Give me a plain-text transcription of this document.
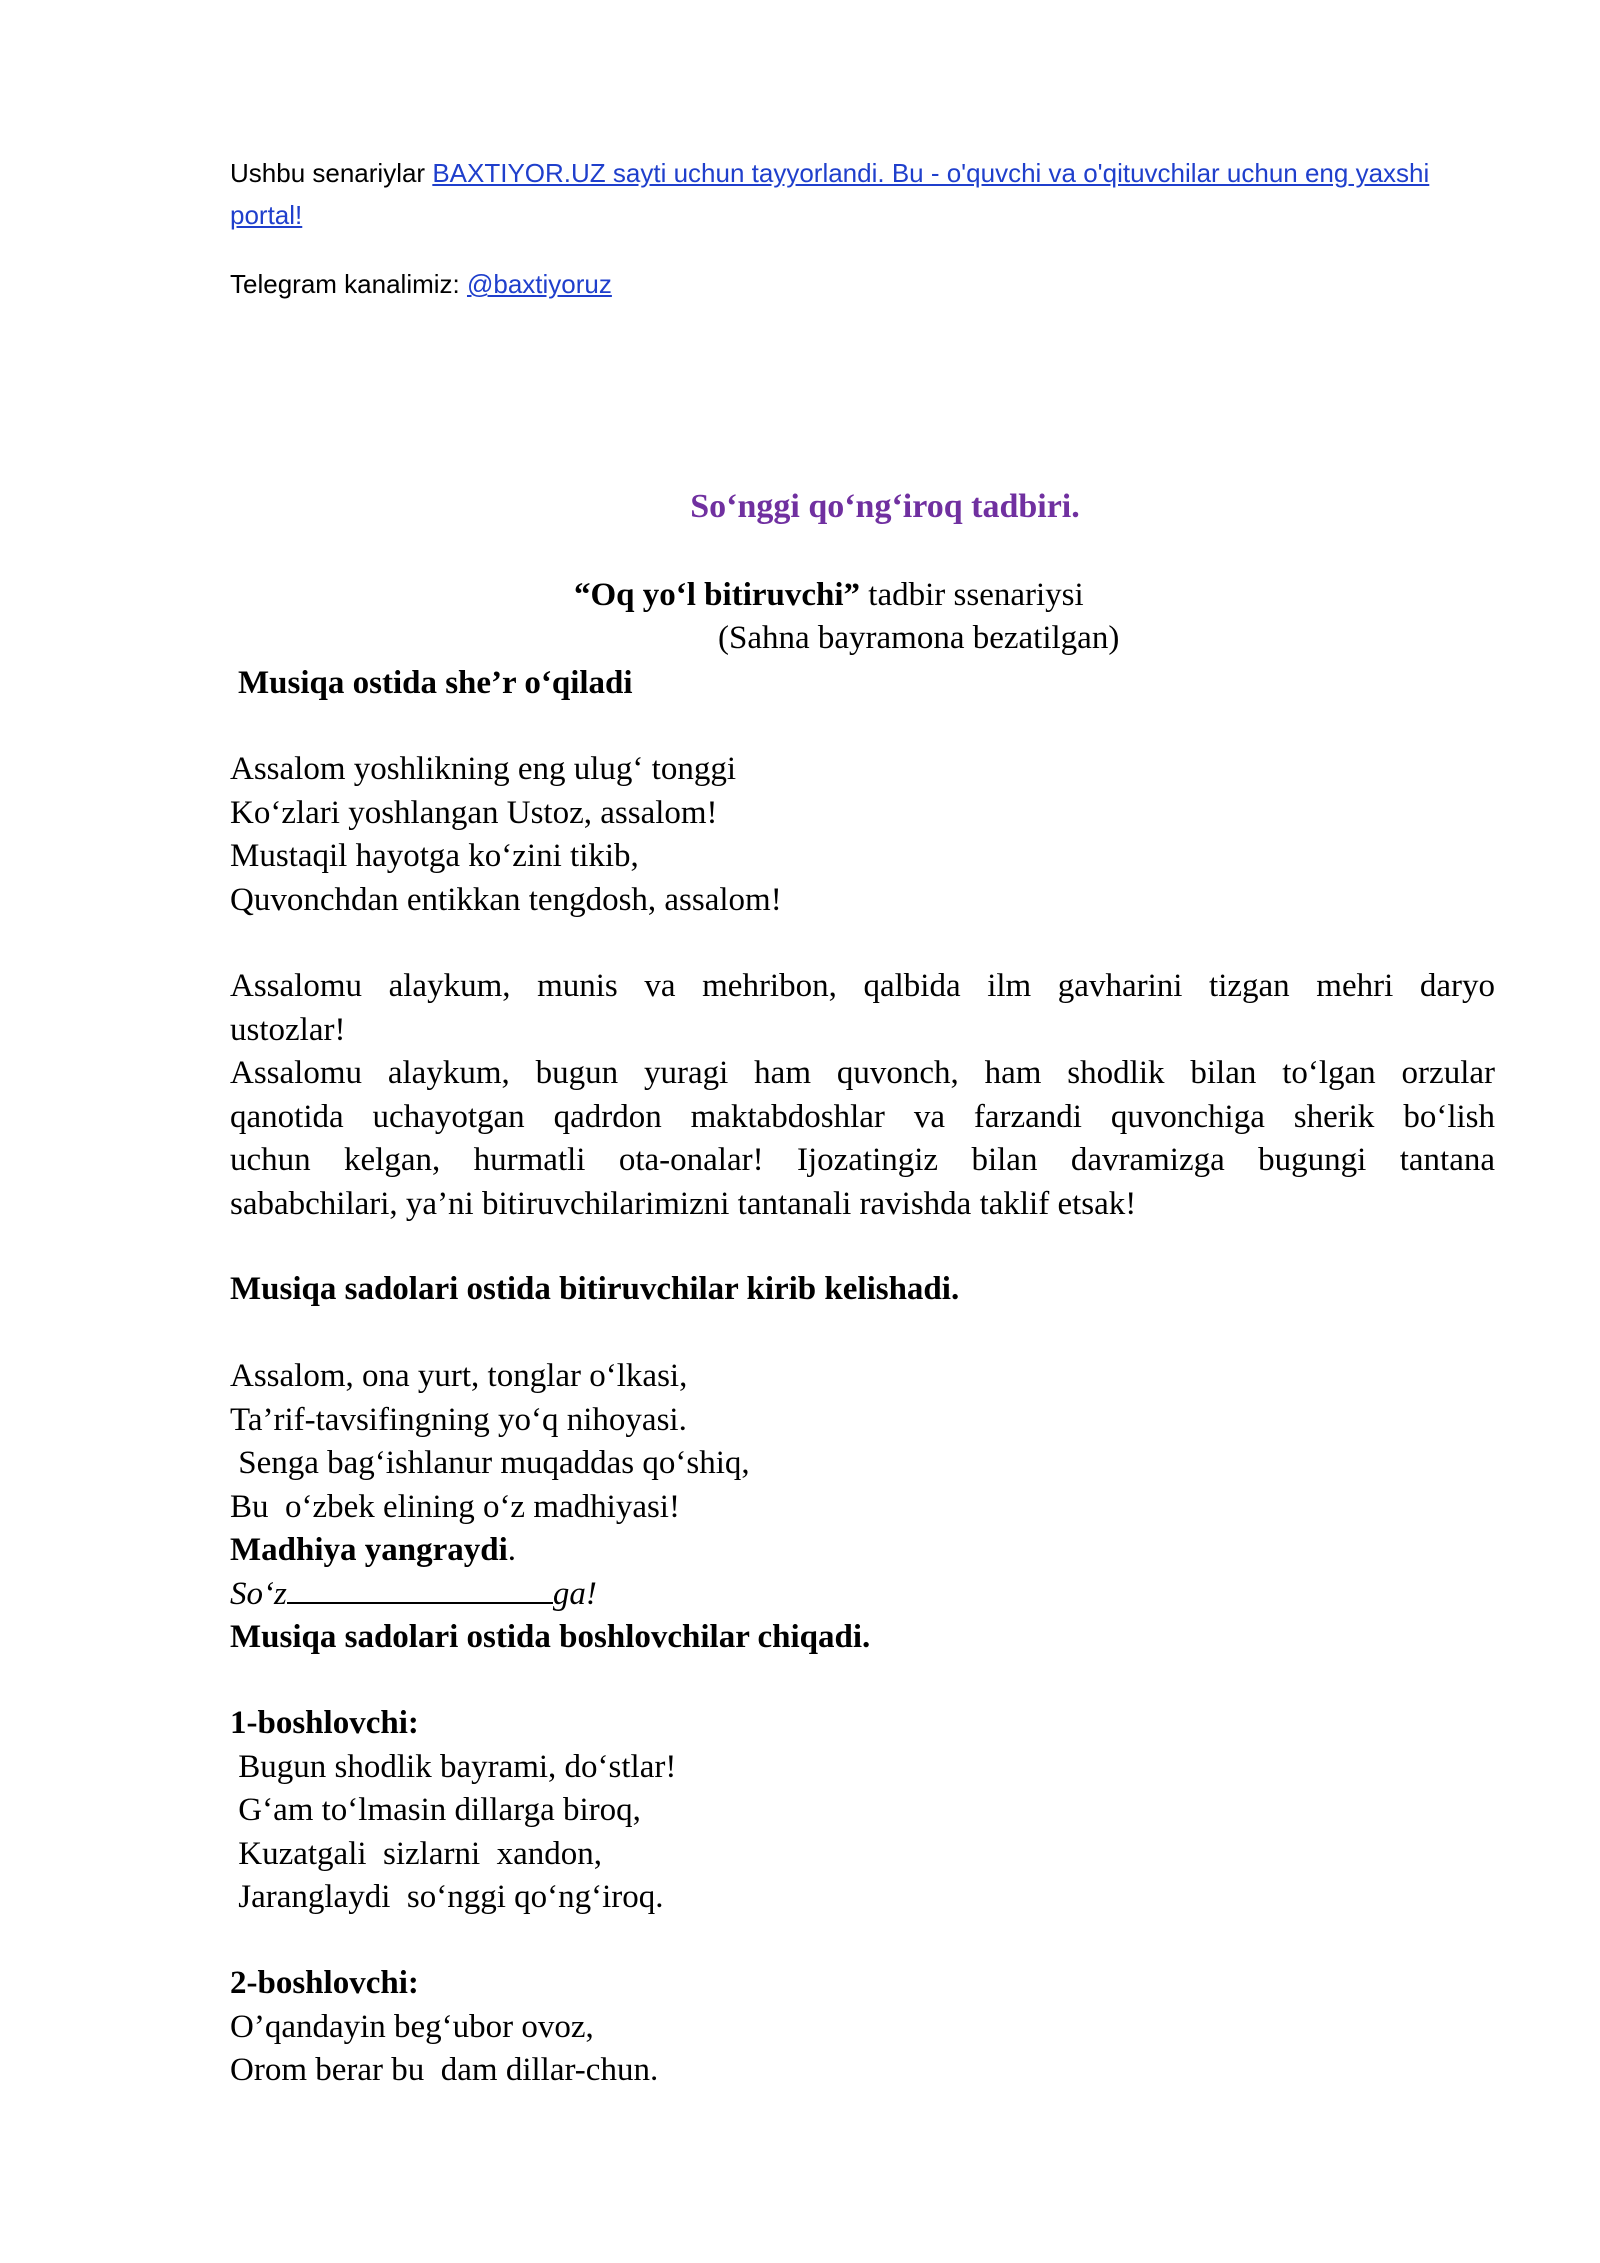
Ushbu senariylar BAXTIYOR.UZ sayti uchun tayyorlandi. Bu - o'quvchi va o'qituvchilar uchun eng yaxshi
portal!
Telegram kanalimiz: @baxtiyoruz
So‘nggi qo‘ng‘iroq tadbiri.
“Oq yo‘l bitiruvchi” tadbir ssenariysi
(Sahna bayramona bezatilgan)
Musiqa ostida she’r o‘qiladi
Assalom yoshlikning eng ulug‘ tonggi
Ko‘zlari yoshlangan Ustoz, assalom!
Mustaqil hayotga ko‘zini tikib,
Quvonchdan entikkan tengdosh, assalom!
Assalomu alaykum, munis va mehribon, qalbida ilm gavharini tizgan mehri daryo
ustozlar!
Assalomu alaykum, bugun yuragi ham quvonch, ham shodlik bilan to‘lgan orzular
qanotida uchayotgan qadrdon maktabdoshlar va farzandi quvonchiga sherik bo‘lish
uchun kelgan, hurmatli ota-onalar! Ijozatingiz bilan davramizga bugungi tantana
sababchilari, ya’ni bitiruvchilarimizni tantanali ravishda taklif etsak!
Musiqa sadolari ostida bitiruvchilar kirib kelishadi.
Assalom, ona yurt, tonglar o‘lkasi,
Ta’rif-tavsifingning yo‘q nihoyasi.
Senga bag‘ishlanur muqaddas qo‘shiq,
Bu  o‘zbek elining o‘z madhiyasi!
Madhiya yangraydi.
So‘z	ga!
Musiqa sadolari ostida boshlovchilar chiqadi.
1-boshlovchi:
Bugun shodlik bayrami, do‘stlar!
G‘am to‘lmasin dillarga biroq,
Kuzatgali  sizlarni  xandon,
Jaranglaydi  so‘nggi qo‘ng‘iroq.
2-boshlovchi:
O’qandayin beg‘ubor ovoz,
Orom berar bu  dam dillar-chun.
